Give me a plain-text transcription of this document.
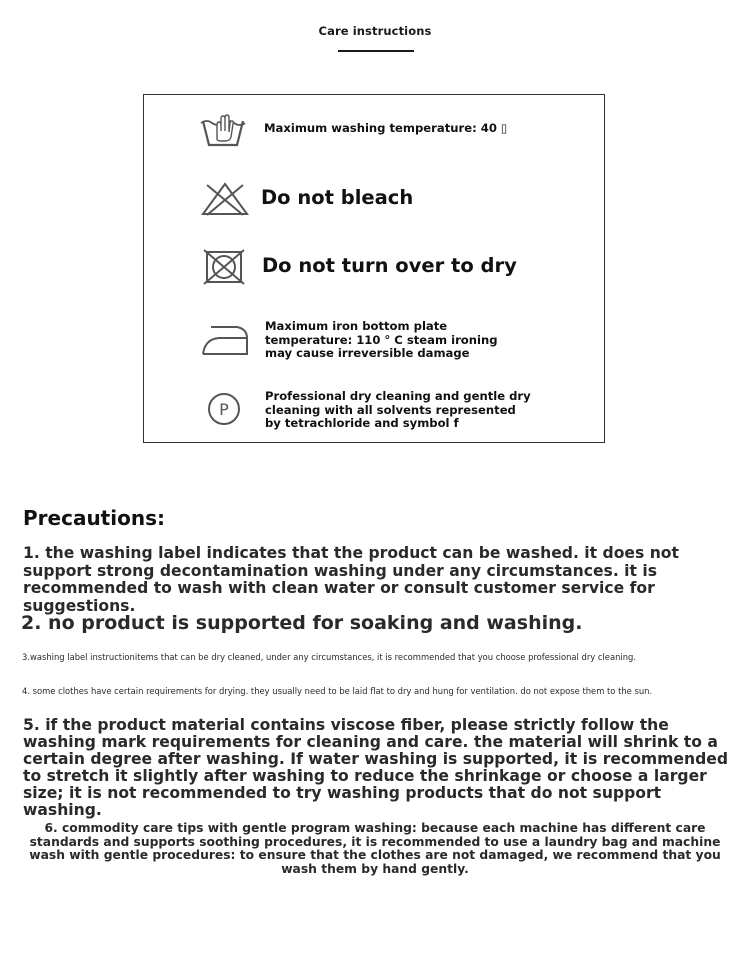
Care instructions
Maximum washing temperature: 40 ▯
Do not bleach
Do not turn over to dry
Maximum iron bottom plate temperature: 110 ° C steam ironing may cause irreversible damage
P
Professional dry cleaning and gentle dry cleaning with all solvents represented by tetrachloride and symbol f
Precautions:
1. the washing label indicates that the product can be washed. it does not support strong decontamination washing under any circumstances. it is recommended to wash with clean water or consult customer service for suggestions.
2. no product is supported for soaking and washing.
3.washing label instructionitems that can be dry cleaned, under any circumstances, it is recommended that you choose professional dry cleaning.
4. some clothes have certain requirements for drying. they usually need to be laid flat to dry and hung for ventilation. do not expose them to the sun.
5. if the product material contains viscose fiber, please strictly follow the washing mark requirements for cleaning and care. the material will shrink to a certain degree after washing. If water washing is supported, it is recommended to stretch it slightly after washing to reduce the shrinkage or choose a larger size; it is not recommended to try washing products that do not support washing.
6. commodity care tips with gentle program washing: because each machine has different care standards and supports soothing procedures, it is recommended to use a laundry bag and machine wash with gentle procedures: to ensure that the clothes are not damaged, we recommend that you wash them by hand gently.
